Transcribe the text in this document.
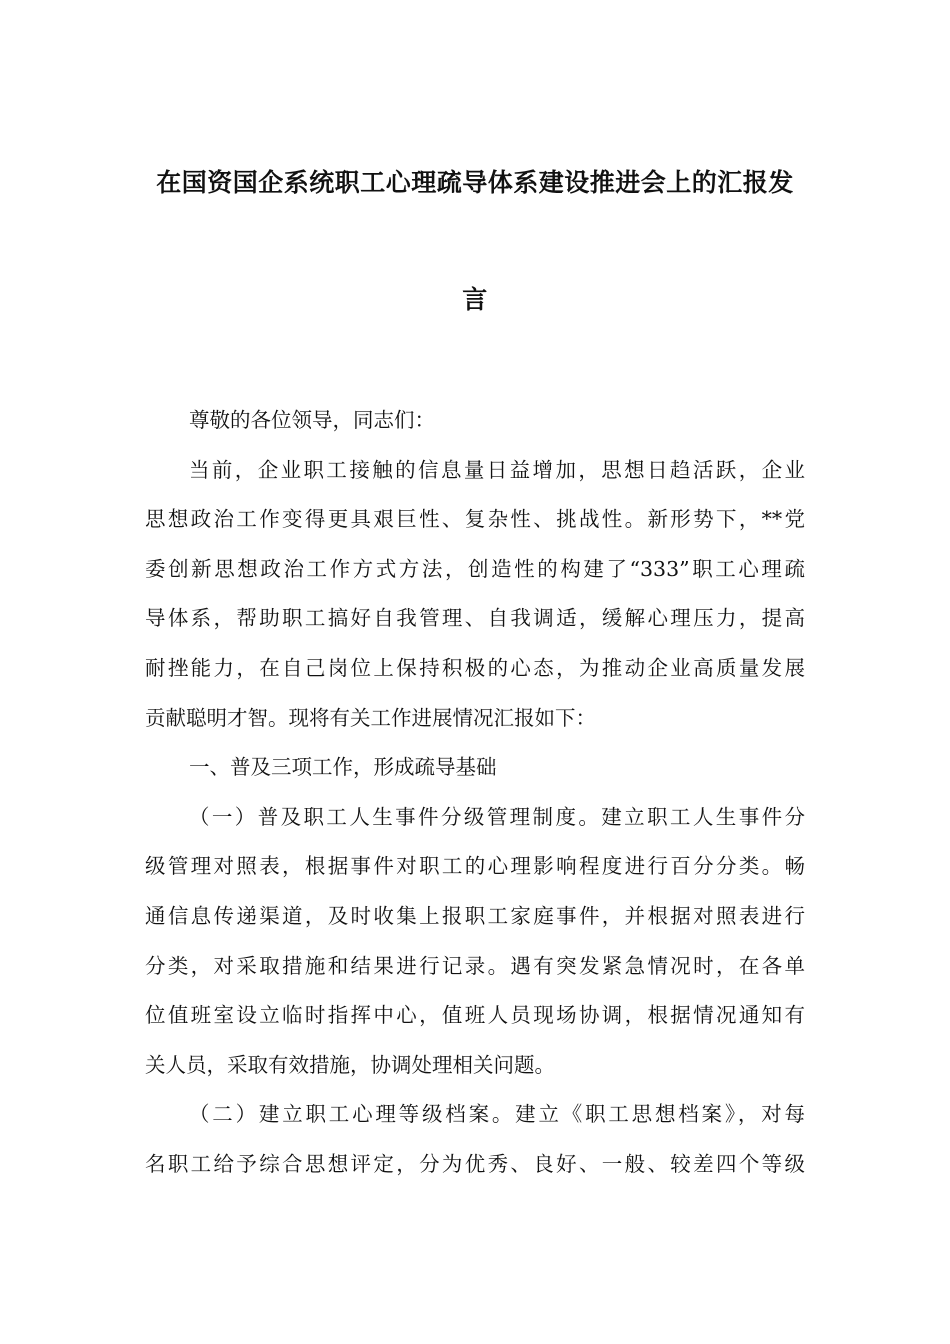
在国资国企系统职工心理疏导体系建设推进会上的汇报发
言
尊敬的各位领导，同志们：
当前，企业职工接触的信息量日益增加，思想日趋活跃，企业
思想政治工作变得更具艰巨性、复杂性、挑战性。新形势下，**党
委创新思想政治工作方式方法，创造性的构建了“333”职工心理疏
导体系，帮助职工搞好自我管理、自我调适，缓解心理压力，提高
耐挫能力，在自己岗位上保持积极的心态，为推动企业高质量发展
贡献聪明才智。现将有关工作进展情况汇报如下：
一、普及三项工作，形成疏导基础
（一）普及职工人生事件分级管理制度。建立职工人生事件分
级管理对照表，根据事件对职工的心理影响程度进行百分分类。畅
通信息传递渠道，及时收集上报职工家庭事件，并根据对照表进行
分类，对采取措施和结果进行记录。遇有突发紧急情况时，在各单
位值班室设立临时指挥中心，值班人员现场协调，根据情况通知有
关人员，采取有效措施，协调处理相关问题。
（二）建立职工心理等级档案。建立《职工思想档案》，对每
名职工给予综合思想评定，分为优秀、良好、一般、较差四个等级
